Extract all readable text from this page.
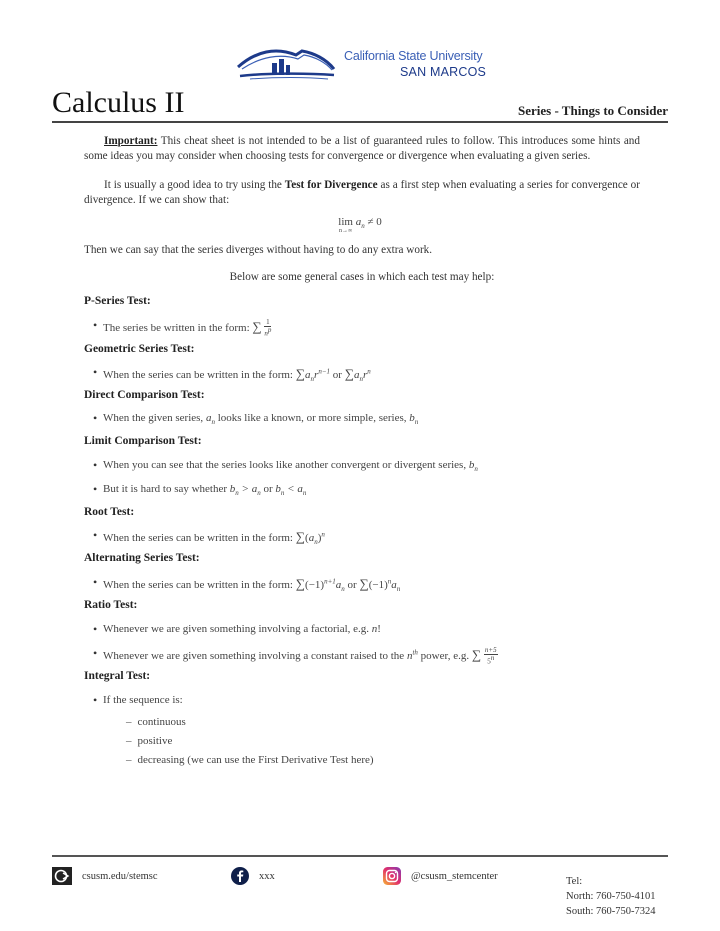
California State University
SAN MARCOS
Calculus II	Series - Things to Consider
Important: This cheat sheet is not intended to be a list of guaranteed rules to follow. This introduces some hints and some ideas you may consider when choosing tests for convergence or divergence when evaluating a given series.
It is usually a good idea to try using the Test for Divergence as a first step when evaluating a series for convergence or divergence. If we can show that:
lim
n→∞
$a_n \ne 0$
Then we can say that the series diverges without having to do any extra work.
Below are some general cases in which each test may help:
P-Series Test:
• The series be written in the form: ∑ $\frac{1}{n^p}$
Geometric Series Test:
• When the series can be written in the form: $\sum a_nr^{n-1}$ or $\sum a_nr^n$
Direct Comparison Test:
• When the given series, $a_n$ looks like a known, or more simple, series, $b_n$
Limit Comparison Test:
• When you can see that the series looks like another convergent or divergent series, $b_n$
• But it is hard to say whether $b_n > a_n$ or $b_n < a_n$
Root Test:
• When the series can be written in the form: $\sum(a_n)^n$
Alternating Series Test:
• When the series can be written in the form: $\sum(-1)^{n+1}a_n$ or $\sum(-1)^na_n$
Ratio Test:
• Whenever we are given something involving a factorial, e.g. n!
• Whenever we are given something involving a constant raised to the $n^{th}$ power, e.g. ∑ $\frac{n+5}{5^n}$
Integral Test:
• If the sequence is:
– continuous
– positive
– decreasing (we can use the First Derivative Test here)
csusm.edu/stemsc	xxx	@csusm_stemcenter	Tel:
North: 760-750-4101
South: 760-750-7324
